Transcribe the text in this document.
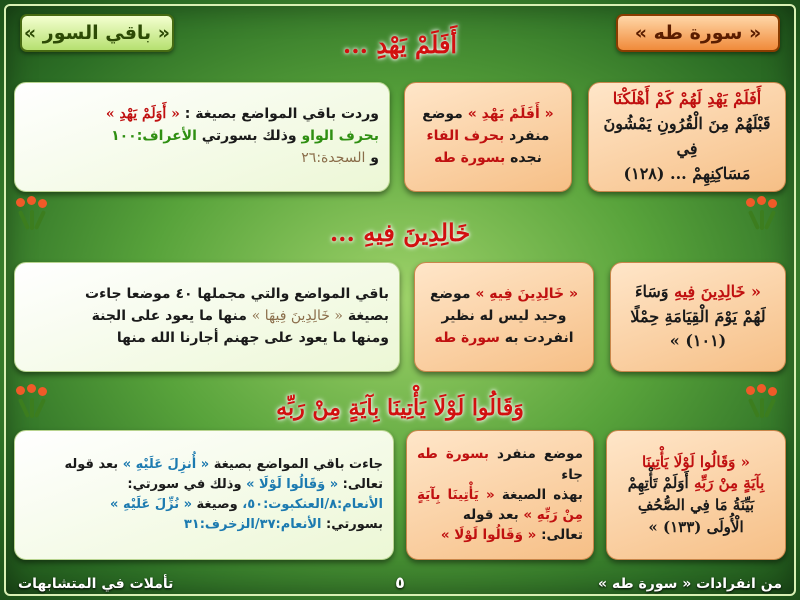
« سورة طه »
« باقي السور »	أَفَلَمْ يَهْدِ ...
خَالِدِينَ فِيهِ ...
وَقَالُوا لَوْلَا يَأْتِينَا بِآيَةٍ مِنْ رَبِّهِ
أَفَلَمْ يَهْدِ لَهُمْ كَمْ أَهْلَكْنَا
قَبْلَهُمْ مِنَ الْقُرُونِ يَمْشُونَ فِي
مَسَاكِنِهِمْ ... (١٢٨)
« أَفَلَمْ يَهْدِ » موضع
منفرد بحرف الفاء
نجده بسورة طه
وردت باقي المواضع بصيغة : « أَوَلَمْ يَهْدِ »
بحرف الواو وذلك بسورتي الأعراف:١٠٠
و السجدة:٢٦
« خَالِدِينَ فِيهِ وَسَاءَ
لَهُمْ يَوْمَ الْقِيَامَةِ حِمْلًا
(١٠١) »
« خَالِدِينَ فِيهِ » موضع
وحيد ليس له نظير
انفردت به سورة طه
باقي المواضع والتي مجملها ٤٠ موضعا جاءت
بصيغة « خَالِدِينَ فِيهَا » منها ما يعود على الجنة
ومنها ما يعود على جهنم أجارنا الله منها
« وَقَالُوا لَوْلَا يَأْتِينَا
بِآيَةٍ مِنْ رَبِّهِ أَوَلَمْ تَأْتِهِمْ
بَيِّنَةُ مَا فِي الصُّحُفِ
الْأُولَى (١٣٣) »
موضع منفرد بسورة طه جاء
بهذه الصيغة « يَأْتِينَا بِآيَةٍ مِنْ رَبِّهِ » بعد قوله
تعالى: « وَقَالُوا لَوْلَا »
جاءت باقي المواضع بصيغة « أُنزِلَ عَلَيْهِ » بعد قوله
تعالى: « وَقَالُوا لَوْلَا » وذلك في سورتي:
الأنعام:٨/العنكبوت:٥٠، وصيغة « نُزِّلَ عَلَيْهِ »
بسورتي: الأنعام:٣٧/الزخرف:٣١
من انفرادات « سورة طه »
٥
تأملات في المتشابهات
